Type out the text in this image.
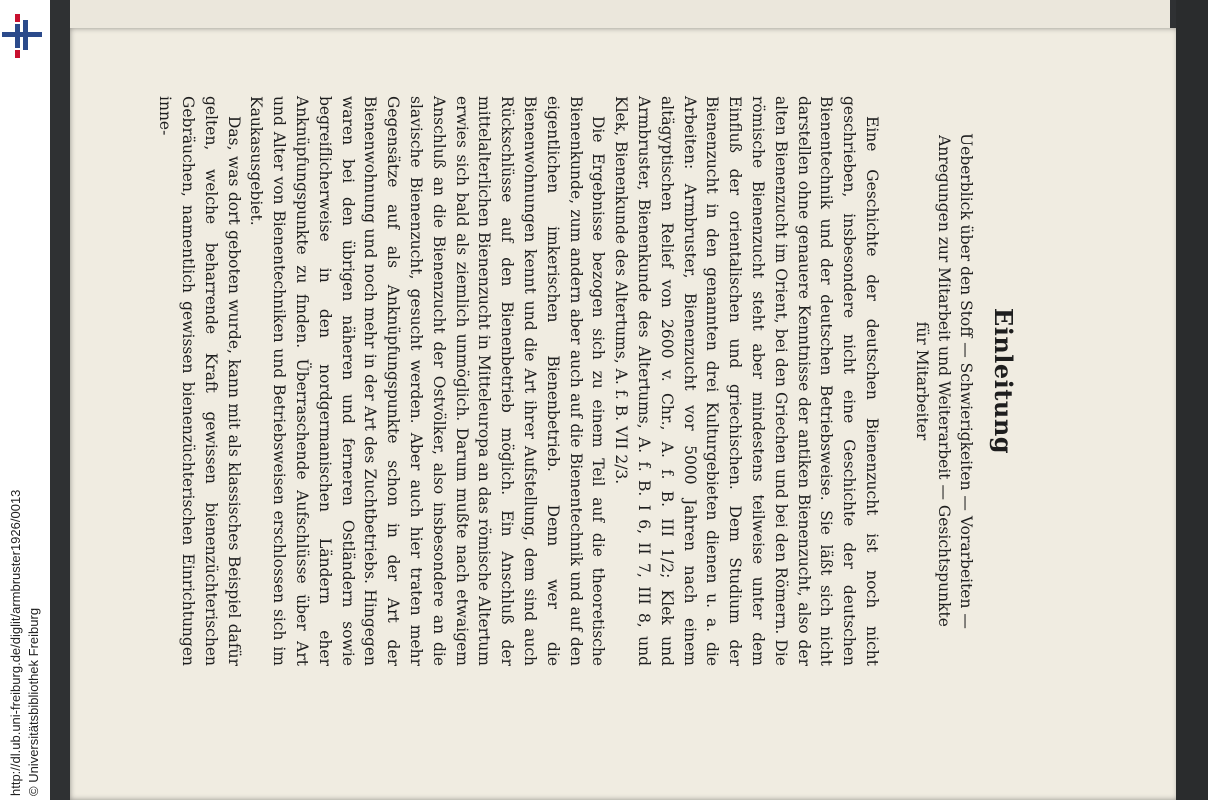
© Universitätsbibliothek Freiburg
http://dl.ub.uni-freiburg.de/diglit/armbruster1926/0013
Einleitung
Ueberblick über den Stoff — Schwierigkeiten — Vorarbeiten —
Anregungen zur Mitarbeit und Weiterarbeit — Gesichtspunkte
für Mitarbeiter

Eine Geschichte der deutschen Bienenzucht ist noch nicht geschrieben, insbesondere nicht eine Geschichte der deutschen Bienentechnik und der deutschen Betriebsweise. Sie läßt sich nicht darstellen ohne genauere Kenntnisse der antiken Bienenzucht, also der alten Bienenzucht im Orient, bei den Griechen und bei den Römern. Die römische Bienenzucht steht aber mindestens teilweise unter dem Einfluß der orientalischen und griechischen. Dem Studium der Bienenzucht in den genannten drei Kulturgebieten dienen u. a. die Arbeiten: Armbruster, Bienenzucht vor 5000 Jahren nach einem altägyptischen Relief von 2600 v. Chr., A. f. B. III 1/2; Klek und Armbruster, Bienenkunde des Altertums, A. f. B. I 6, II 7, III 8, und Klek, Bienenkunde des Altertums, A. f. B. VII 2/3.

Die Ergebnisse bezogen sich zu einem Teil auf die theoretische Bienenkunde, zum andern aber auch auf die Bienentechnik und auf den eigentlichen imkerischen Bienenbetrieb. Denn wer die Bienenwohnungen kennt und die Art ihrer Aufstellung, dem sind auch Rückschlüsse auf den Bienenbetrieb möglich. Ein Anschluß der mittelalterlichen Bienenzucht in Mitteleuropa an das römische Altertum erwies sich bald als ziemlich unmöglich. Darum mußte nach etwaigem Anschluß an die Bienenzucht der Ostvölker, also insbesondere an die slavische Bienenzucht, gesucht werden. Aber auch hier traten mehr Gegensätze auf als Anknüpfungspunkte schon in der Art der Bienenwohnung und noch mehr in der Art des Zuchtbetriebs. Hingegen waren bei den übrigen näheren und ferneren Ostländern sowie begreiflicherweise in den nordgermanischen Ländern eher Anknüpfungspunkte zu finden. Überraschende Aufschlüsse über Art und Alter von Bienentechniken und Betriebsweisen erschlossen sich im Kaukasusgebiet.

Das, was dort geboten wurde, kann mit als klassisches Beispiel dafür gelten, welche beharrende Kraft gewissen bienenzüchterischen Gebräuchen, namentlich gewissen bienenzüchterischen Einrichtungen inne-
